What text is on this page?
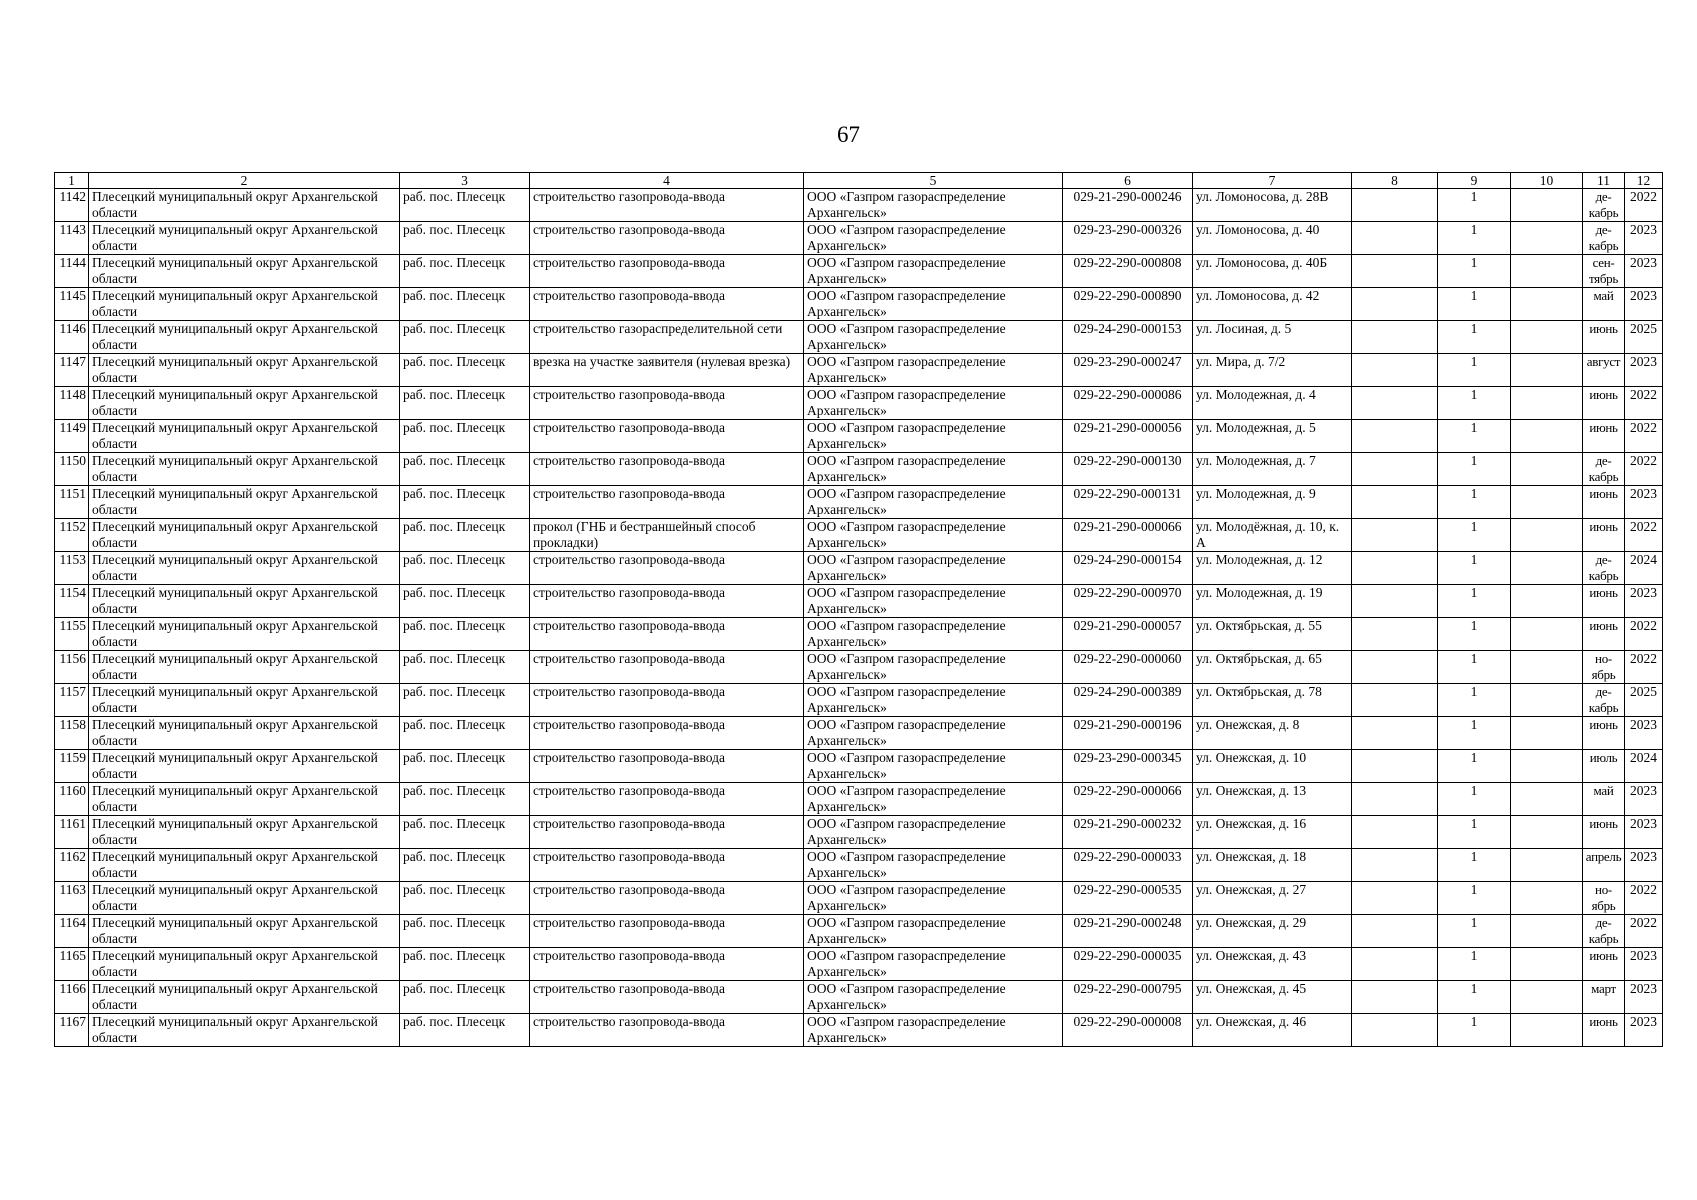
67
1	2	3	4	5	6	7	8	9	10	11	12
1142	Плесецкий муниципальный округ Архангельской области	раб. пос. Плесецк	строительство газопровода-ввода	ООО «Газпром газораспределение Архангельск»	029-21-290-000246	ул. Ломоносова, д. 28В		1		де-кабрь	2022
1143	Плесецкий муниципальный округ Архангельской области	раб. пос. Плесецк	строительство газопровода-ввода	ООО «Газпром газораспределение Архангельск»	029-23-290-000326	ул. Ломоносова, д. 40		1		де-кабрь	2023
1144	Плесецкий муниципальный округ Архангельской области	раб. пос. Плесецк	строительство газопровода-ввода	ООО «Газпром газораспределение Архангельск»	029-22-290-000808	ул. Ломоносова, д. 40Б		1		сен-тябрь	2023
1145	Плесецкий муниципальный округ Архангельской области	раб. пос. Плесецк	строительство газопровода-ввода	ООО «Газпром газораспределение Архангельск»	029-22-290-000890	ул. Ломоносова, д. 42		1		май	2023
1146	Плесецкий муниципальный округ Архангельской области	раб. пос. Плесецк	строительство газораспределительной сети	ООО «Газпром газораспределение Архангельск»	029-24-290-000153	ул. Лосиная, д. 5		1		июнь	2025
1147	Плесецкий муниципальный округ Архангельской области	раб. пос. Плесецк	врезка на участке заявителя (нулевая врезка)	ООО «Газпром газораспределение Архангельск»	029-23-290-000247	ул. Мира, д. 7/2		1		август	2023
1148	Плесецкий муниципальный округ Архангельской области	раб. пос. Плесецк	строительство газопровода-ввода	ООО «Газпром газораспределение Архангельск»	029-22-290-000086	ул. Молодежная, д. 4		1		июнь	2022
1149	Плесецкий муниципальный округ Архангельской области	раб. пос. Плесецк	строительство газопровода-ввода	ООО «Газпром газораспределение Архангельск»	029-21-290-000056	ул. Молодежная, д. 5		1		июнь	2022
1150	Плесецкий муниципальный округ Архангельской области	раб. пос. Плесецк	строительство газопровода-ввода	ООО «Газпром газораспределение Архангельск»	029-22-290-000130	ул. Молодежная, д. 7		1		де-кабрь	2022
1151	Плесецкий муниципальный округ Архангельской области	раб. пос. Плесецк	строительство газопровода-ввода	ООО «Газпром газораспределение Архангельск»	029-22-290-000131	ул. Молодежная, д. 9		1		июнь	2023
1152	Плесецкий муниципальный округ Архангельской области	раб. пос. Плесецк	прокол (ГНБ и бестраншейный способ прокладки)	ООО «Газпром газораспределение Архангельск»	029-21-290-000066	ул. Молодёжная, д. 10, к. А		1		июнь	2022
1153	Плесецкий муниципальный округ Архангельской области	раб. пос. Плесецк	строительство газопровода-ввода	ООО «Газпром газораспределение Архангельск»	029-24-290-000154	ул. Молодежная, д. 12		1		де-кабрь	2024
1154	Плесецкий муниципальный округ Архангельской области	раб. пос. Плесецк	строительство газопровода-ввода	ООО «Газпром газораспределение Архангельск»	029-22-290-000970	ул. Молодежная, д. 19		1		июнь	2023
1155	Плесецкий муниципальный округ Архангельской области	раб. пос. Плесецк	строительство газопровода-ввода	ООО «Газпром газораспределение Архангельск»	029-21-290-000057	ул. Октябрьская, д. 55		1		июнь	2022
1156	Плесецкий муниципальный округ Архангельской области	раб. пос. Плесецк	строительство газопровода-ввода	ООО «Газпром газораспределение Архангельск»	029-22-290-000060	ул. Октябрьская, д. 65		1		но-ябрь	2022
1157	Плесецкий муниципальный округ Архангельской области	раб. пос. Плесецк	строительство газопровода-ввода	ООО «Газпром газораспределение Архангельск»	029-24-290-000389	ул. Октябрьская, д. 78		1		де-кабрь	2025
1158	Плесецкий муниципальный округ Архангельской области	раб. пос. Плесецк	строительство газопровода-ввода	ООО «Газпром газораспределение Архангельск»	029-21-290-000196	ул. Онежская, д. 8		1		июнь	2023
1159	Плесецкий муниципальный округ Архангельской области	раб. пос. Плесецк	строительство газопровода-ввода	ООО «Газпром газораспределение Архангельск»	029-23-290-000345	ул. Онежская, д. 10		1		июль	2024
1160	Плесецкий муниципальный округ Архангельской области	раб. пос. Плесецк	строительство газопровода-ввода	ООО «Газпром газораспределение Архангельск»	029-22-290-000066	ул. Онежская, д. 13		1		май	2023
1161	Плесецкий муниципальный округ Архангельской области	раб. пос. Плесецк	строительство газопровода-ввода	ООО «Газпром газораспределение Архангельск»	029-21-290-000232	ул. Онежская, д. 16		1		июнь	2023
1162	Плесецкий муниципальный округ Архангельской области	раб. пос. Плесецк	строительство газопровода-ввода	ООО «Газпром газораспределение Архангельск»	029-22-290-000033	ул. Онежская, д. 18		1		апрель	2023
1163	Плесецкий муниципальный округ Архангельской области	раб. пос. Плесецк	строительство газопровода-ввода	ООО «Газпром газораспределение Архангельск»	029-22-290-000535	ул. Онежская, д. 27		1		но-ябрь	2022
1164	Плесецкий муниципальный округ Архангельской области	раб. пос. Плесецк	строительство газопровода-ввода	ООО «Газпром газораспределение Архангельск»	029-21-290-000248	ул. Онежская, д. 29		1		де-кабрь	2022
1165	Плесецкий муниципальный округ Архангельской области	раб. пос. Плесецк	строительство газопровода-ввода	ООО «Газпром газораспределение Архангельск»	029-22-290-000035	ул. Онежская, д. 43		1		июнь	2023
1166	Плесецкий муниципальный округ Архангельской области	раб. пос. Плесецк	строительство газопровода-ввода	ООО «Газпром газораспределение Архангельск»	029-22-290-000795	ул. Онежская, д. 45		1		март	2023
1167	Плесецкий муниципальный округ Архангельской области	раб. пос. Плесецк	строительство газопровода-ввода	ООО «Газпром газораспределение Архангельск»	029-22-290-000008	ул. Онежская, д. 46		1		июнь	2023
